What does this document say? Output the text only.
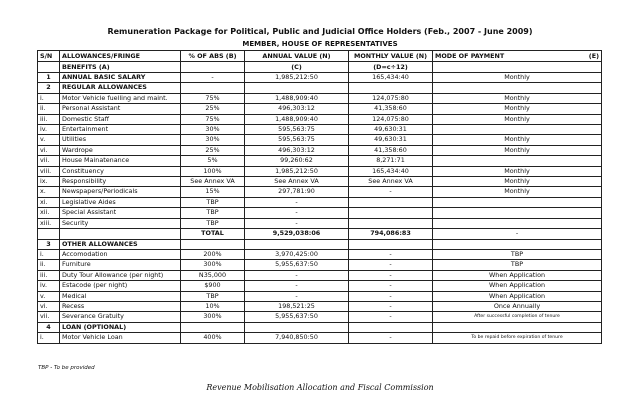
Remuneration Package for Political, Public and Judicial Office Holders (Feb., 2007 - June 2009)
MEMBER, HOUSE OF REPRESENTATIVES
S/N	ALLOWANCES/FRINGE	% OF ABS (B)	ANNUAL VALUE (N)	MONTHLY VALUE (N)	MODE OF PAYMENT (E)

	BENEFITS (A)		(C)	(D=c÷12)	
1	ANNUAL BASIC SALARY	-	1,985,212:50	165,434:40	Monthly
2	REGULAR ALLOWANCES				
i.	Motor Vehicle fuelling and maint.	75%	1,488,909:40	124,075:80	Monthly
ii.	Personal Assistant	25%	496,303:12	41,358:60	Monthly
iii.	Domestic Staff	75%	1,488,909:40	124,075:80	Monthly
iv.	Entertainment	30%	595,563:75	49,630:31	
v.	Utilities	30%	595,563:75	49,630:31	Monthly
vi.	Wardrope	25%	496,303:12	41,358:60	Monthly
vii.	House Mainatenance	5%	99,260:62	8,271:71	
viii.	Constituency	100%	1,985,212:50	165,434:40	Monthly
ix.	Responsibility	See Annex VA	See Annex VA	See Annex VA	Monthly
x.	Newspapers/Periodicals	15%	297,781:90	-	Monthly
xi.	Legislative Aides	TBP	-		
xii.	Special Assistant	TBP	-		
xiii.	Security	TBP	-		
		TOTAL	9,529,038:06	794,086:83	-
3	OTHER ALLOWANCES				
i.	Accomodation	200%	3,970,425:00	-	TBP
ii.	Furniture	300%	5,955,637:50	-	TBP
iii.	Duty Tour Allowance (per night)	N35,000	-	-	When Application
iv.	Estacode (per night)	$900	-	-	When Application
v.	Medical	TBP	-	-	When Application
vi.	Recess	10%	198,521:25	-	Once Annually
vii.	Severance Gratuity	300%	5,955,637:50	-	After successful completion of tenure
4	LOAN (OPTIONAL)				
i.	Motor Vehicle Loan	400%	7,940,850:50	-	To be repaid before expiration of tenure
TBP - To be provided
Revenue Mobilisation Allocation and Fiscal Commission
